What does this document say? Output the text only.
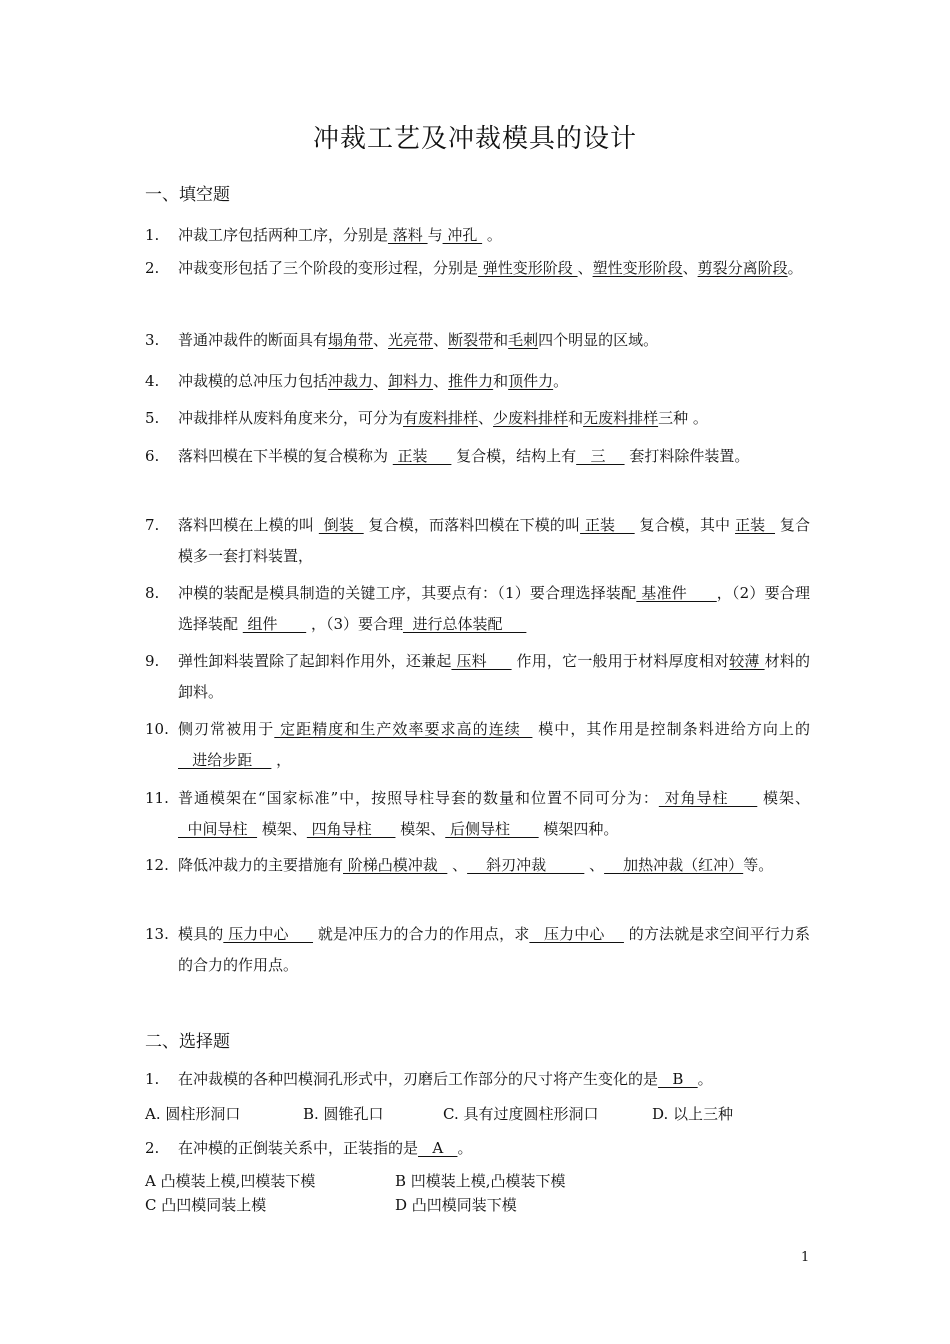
冲裁工艺及冲裁模具的设计
一、填空题
1. 冲裁工序包括两种工序，分别是 落料 与 冲孔  。
2. 冲裁变形包括了三个阶段的变形过程，分别是 弹性变形阶段 、塑性变形阶段、剪裂分离阶段。
3. 普通冲裁件的断面具有塌角带、光亮带、断裂带和毛刺四个明显的区域。
4. 冲裁模的总冲压力包括冲裁力、卸料力、推件力和顶件力。
5. 冲裁排样从废料角度来分，可分为有废料排样、少废料排样和无废料排样三种 。
6. 落料凹模在下半模的复合模称为  正装      复合模，结构上有   三     套打料除件装置。
7. 落料凹模在上模的叫  倒装   复合模，而落料凹模在下模的叫 正装     复合模，其中 正装   复合模多一套打料装置，
8. 冲模的装配是模具制造的关键工序，其要点有：（1）要合理选择装配 基准件      ，（2）要合理选择装配  组件       ，（3）要合理  进行总体装配
9. 弹性卸料装置除了起卸料作用外，还兼起 压料      作用，它一般用于材料厚度相对较薄 材料的卸料。
10. 侧刃常被用于 定距精度和生产效率要求高的连续   模中，其作用是控制条料进给方向上的    进给步距     ，
11. 普通模架在“国家标准”中，按照导柱导套的数量和位置不同可分为： 对角导柱      模架、  中间导柱   模架、 四角导柱      模架、 后侧导柱       模架四种。
12. 降低冲裁力的主要措施有 阶梯凸模冲裁   、    斜刃冲裁         、    加热冲裁（红冲）等。
13. 模具的 压力中心      就是冲压力的合力的作用点，求   压力中心     的方法就是求空间平行力系的合力的作用点。
二、选择题
1. 在冲裁模的各种凹模洞孔形式中，刃磨后工作部分的尺寸将产生变化的是   B   。
2. 在冲模的正倒装关系中，正装指的是   A   。
A. 圆柱形洞口	B. 圆锥孔口	C. 具有过度圆柱形洞口	D. 以上三种
A 凸模装上模,凹模装下模	B 凹模装上模,凸模装下模
C 凸凹模同装上模	D 凸凹模同装下模
1
